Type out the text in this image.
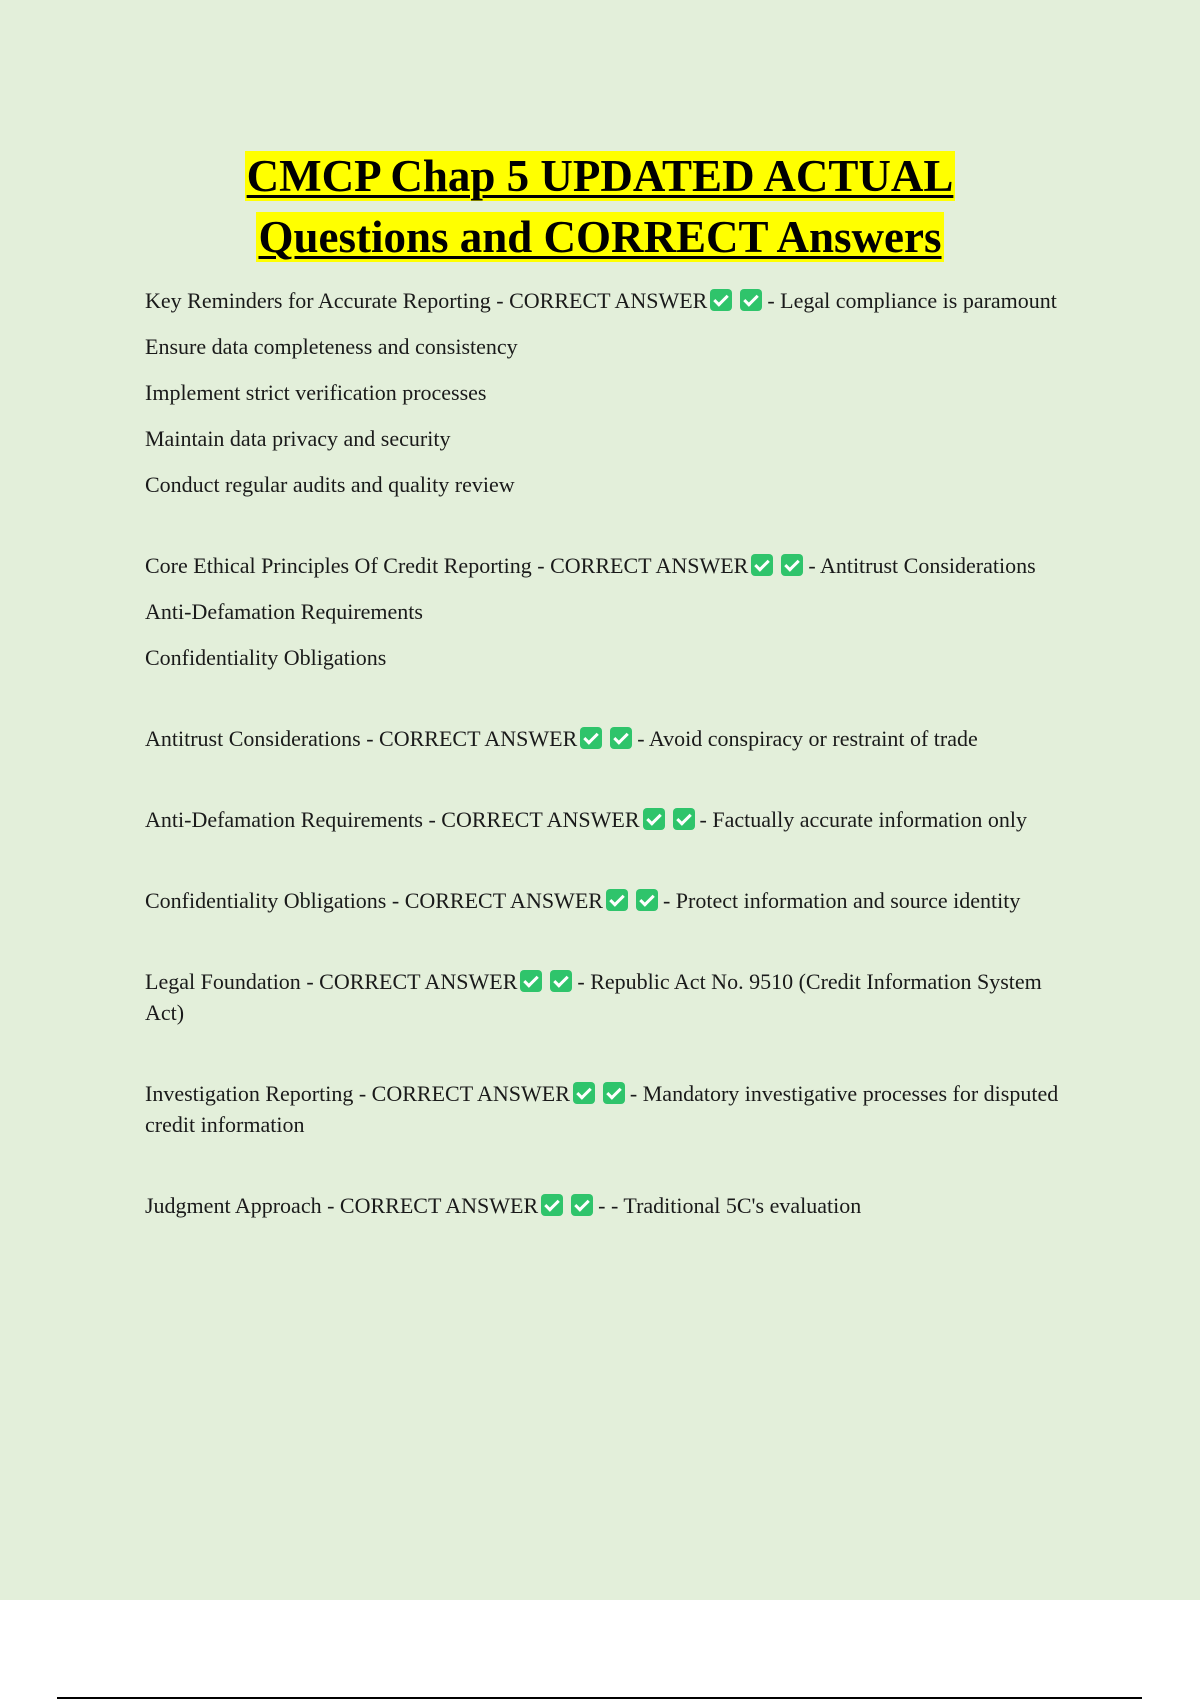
CMCP Chap 5 UPDATED ACTUAL
Questions and CORRECT Answers

Key Reminders for Accurate Reporting - CORRECT ANSWER	- Legal compliance is paramount

Ensure data completeness and consistency

Implement strict verification processes

Maintain data privacy and security

Conduct regular audits and quality review

Core Ethical Principles Of Credit Reporting - CORRECT ANSWER	- Antitrust Considerations

Anti-Defamation Requirements

Confidentiality Obligations

Antitrust Considerations - CORRECT ANSWER	- Avoid conspiracy or restraint of trade

Anti-Defamation Requirements - CORRECT ANSWER	- Factually accurate information only

Confidentiality Obligations - CORRECT ANSWER	- Protect information and source identity

Legal Foundation - CORRECT ANSWER	- Republic Act No. 9510 (Credit Information System Act)

Investigation Reporting - CORRECT ANSWER	- Mandatory investigative processes for disputed credit information

Judgment Approach - CORRECT ANSWER	- - Traditional 5C's evaluation
